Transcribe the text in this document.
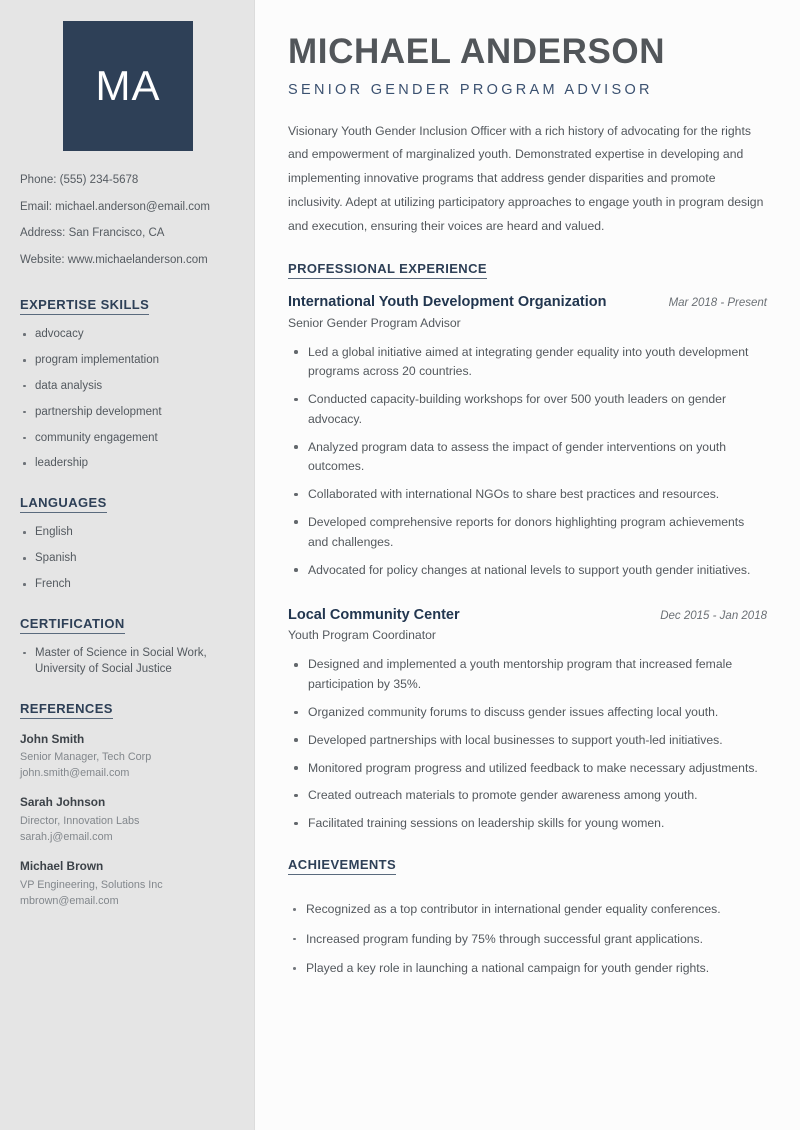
MA
Phone: (555) 234-5678
Email: michael.anderson@email.com
Address: San Francisco, CA
Website: www.michaelanderson.com
EXPERTISE SKILLS
advocacy
program implementation
data analysis
partnership development
community engagement
leadership
LANGUAGES
English
Spanish
French
CERTIFICATION
Master of Science in Social Work, University of Social Justice
REFERENCES
John Smith
Senior Manager, Tech Corp
john.smith@email.com
Sarah Johnson
Director, Innovation Labs
sarah.j@email.com
Michael Brown
VP Engineering, Solutions Inc
mbrown@email.com
MICHAEL ANDERSON
SENIOR GENDER PROGRAM ADVISOR

Visionary Youth Gender Inclusion Officer with a rich history of advocating for the rights and empowerment of marginalized youth. Demonstrated expertise in developing and implementing innovative programs that address gender disparities and promote inclusivity. Adept at utilizing participatory approaches to engage youth in program design and execution, ensuring their voices are heard and valued.

PROFESSIONAL EXPERIENCE
International Youth Development Organization	Mar 2018 - Present
Senior Gender Program Advisor
Led a global initiative aimed at integrating gender equality into youth development programs across 20 countries.
Conducted capacity-building workshops for over 500 youth leaders on gender advocacy.
Analyzed program data to assess the impact of gender interventions on youth outcomes.
Collaborated with international NGOs to share best practices and resources.
Developed comprehensive reports for donors highlighting program achievements and challenges.
Advocated for policy changes at national levels to support youth gender initiatives.
Local Community Center	Dec 2015 - Jan 2018
Youth Program Coordinator
Designed and implemented a youth mentorship program that increased female participation by 35%.
Organized community forums to discuss gender issues affecting local youth.
Developed partnerships with local businesses to support youth-led initiatives.
Monitored program progress and utilized feedback to make necessary adjustments.
Created outreach materials to promote gender awareness among youth.
Facilitated training sessions on leadership skills for young women.
ACHIEVEMENTS
Recognized as a top contributor in international gender equality conferences.
Increased program funding by 75% through successful grant applications.
Played a key role in launching a national campaign for youth gender rights.
